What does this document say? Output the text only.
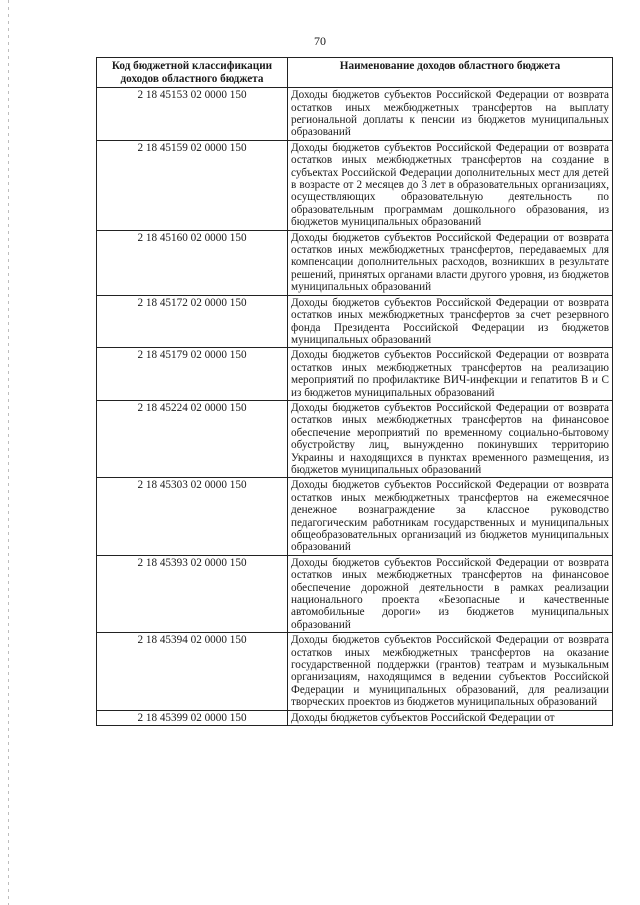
70
Код бюджетной классификации доходов областного бюджета	Наименование доходов областного бюджета
2 18 45153 02 0000 150	Доходы бюджетов субъектов Российской Федерации от возврата остатков иных межбюджетных трансфертов на выплату региональной доплаты к пенсии из бюджетов муниципальных образований
2 18 45159 02 0000 150	Доходы бюджетов субъектов Российской Федерации от возврата остатков иных межбюджетных трансфертов на создание в субъектах Российской Федерации дополнительных мест для детей в возрасте от 2 месяцев до 3 лет в образовательных организациях, осуществляющих образовательную деятельность по образовательным программам дошкольного образования, из бюджетов муниципальных образований
2 18 45160 02 0000 150	Доходы бюджетов субъектов Российской Федерации от возврата остатков иных межбюджетных трансфертов, передаваемых для компенсации дополнительных расходов, возникших в результате решений, принятых органами власти другого уровня, из бюджетов муниципальных образований
2 18 45172 02 0000 150	Доходы бюджетов субъектов Российской Федерации от возврата остатков иных межбюджетных трансфертов за счет резервного фонда Президента Российской Федерации из бюджетов муниципальных образований
2 18 45179 02 0000 150	Доходы бюджетов субъектов Российской Федерации от возврата остатков иных межбюджетных трансфертов на реализацию мероприятий по профилактике ВИЧ-инфекции и гепатитов B и C из бюджетов муниципальных образований
2 18 45224 02 0000 150	Доходы бюджетов субъектов Российской Федерации от возврата остатков иных межбюджетных трансфертов на финансовое обеспечение мероприятий по временному социально-бытовому обустройству лиц, вынужденно покинувших территорию Украины и находящихся в пунктах временного размещения, из бюджетов муниципальных образований
2 18 45303 02 0000 150	Доходы бюджетов субъектов Российской Федерации от возврата остатков иных межбюджетных трансфертов на ежемесячное денежное вознаграждение за классное руководство педагогическим работникам государственных и муниципальных общеобразовательных организаций из бюджетов муниципальных образований
2 18 45393 02 0000 150	Доходы бюджетов субъектов Российской Федерации от возврата остатков иных межбюджетных трансфертов на финансовое обеспечение дорожной деятельности в рамках реализации национального проекта «Безопасные и качественные автомобильные дороги» из бюджетов муниципальных образований
2 18 45394 02 0000 150	Доходы бюджетов субъектов Российской Федерации от возврата остатков иных межбюджетных трансфертов на оказание государственной поддержки (грантов) театрам и музыкальным организациям, находящимся в ведении субъектов Российской Федерации и муниципальных образований, для реализации творческих проектов из бюджетов муниципальных образований
2 18 45399 02 0000 150	Доходы бюджетов субъектов Российской Федерации от
